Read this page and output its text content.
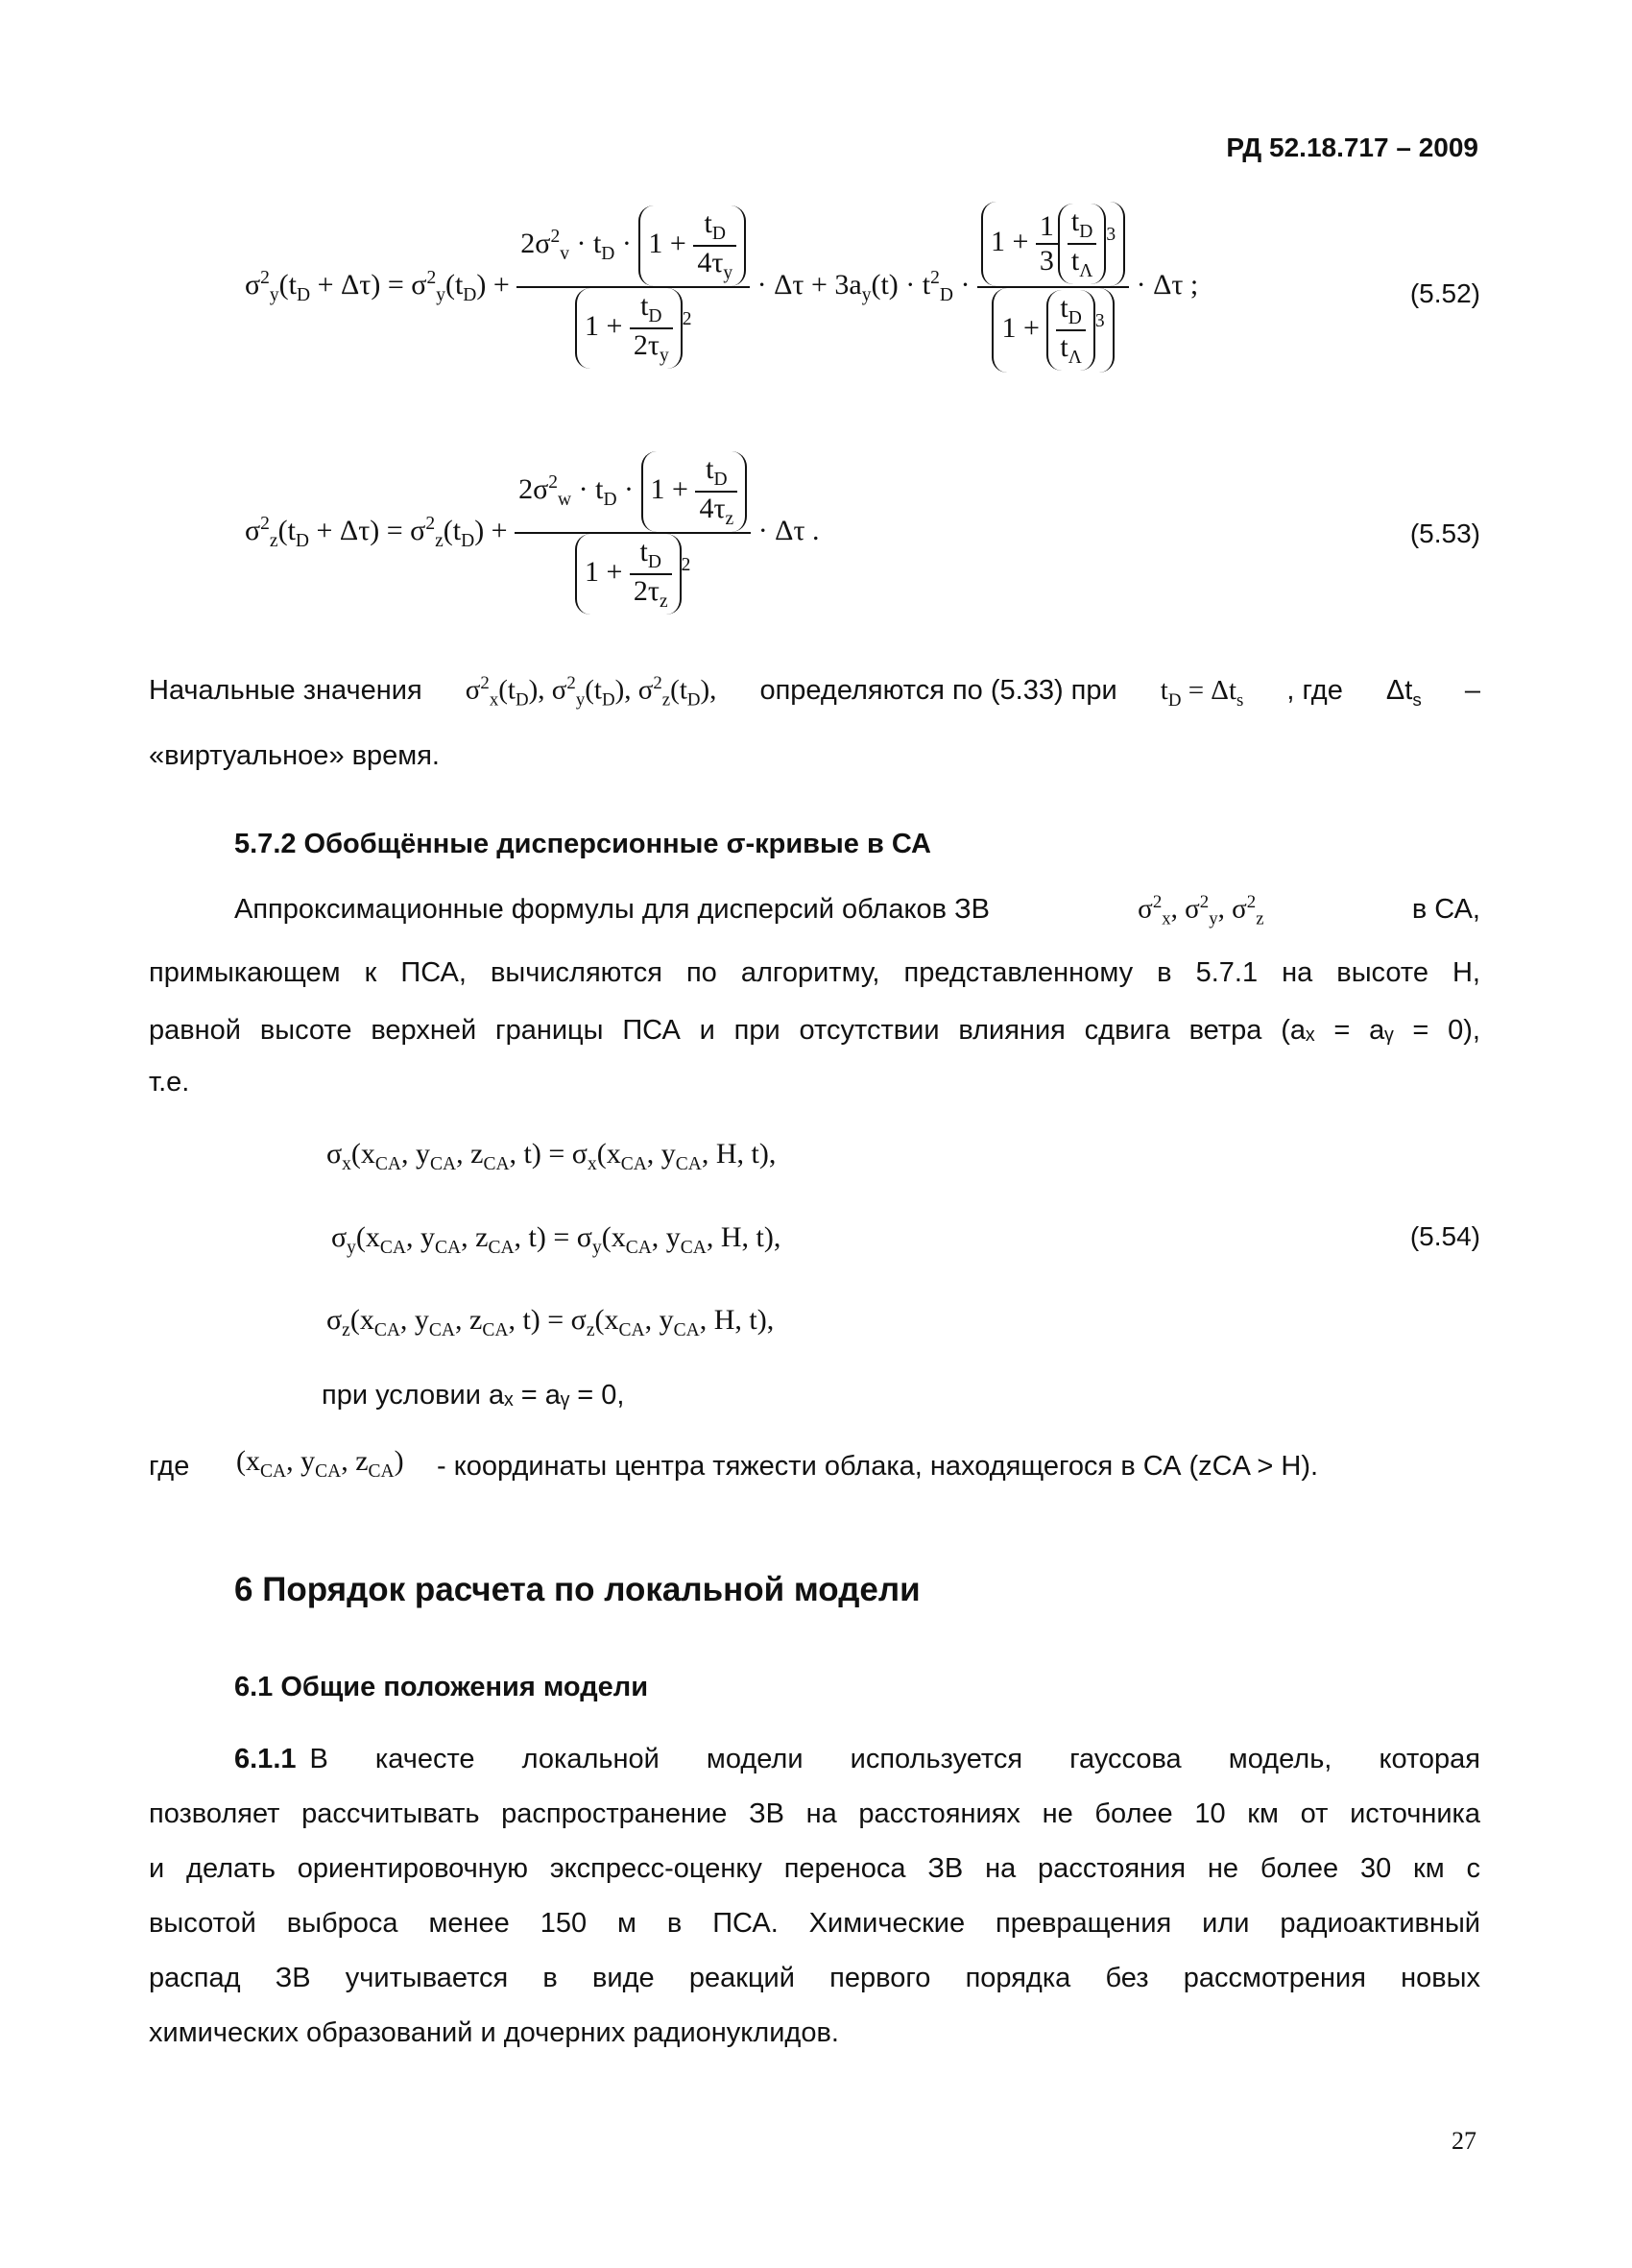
РД 52.18.717 – 2009
$\sigma^2_y(t_D + \Delta\tau) = \sigma^2_y(t_D) + \frac{2\sigma^2_v \cdot t_D \cdot 1 + \frac{t_D}{4\tau_y}}{1 + \frac{t_D}{2\tau_y} ^2} \cdot \Delta\tau + 3a_y(t) \cdot t^2_D \cdot \frac{1 + \frac{1}{3} \frac{t_D}{t_\Lambda} ^3}{1 + \frac{t_D}{t_\Lambda} ^3} \cdot \Delta\tau$ ;	(5.52)
$\sigma^2_z(t_D + \Delta\tau) = \sigma^2_z(t_D) + \frac{2\sigma^2_w \cdot t_D \cdot 1 + \frac{t_D}{4\tau_z}}{1 + \frac{t_D}{2\tau_z} ^2} \cdot \Delta\tau$ .	(5.53)
Начальные значения $\sigma^2_x(t_D)$, $\sigma^2_y(t_D)$, $\sigma^2_z(t_D)$, определяются по (5.33) при $t_D = \Delta t_s$ , где $\Delta t_s$ –
«виртуальное» время.
5.7.2 Обобщённые дисперсионные σ-кривые в СА
Аппроксимационные формулы для дисперсий облаков ЗВ	$\sigma^2_x$, $\sigma^2_y$, $\sigma^2_z$	в СА,
примыкающем к ПСА, вычисляются по алгоритму, представленному в 5.7.1 на высоте Н,
равной высоте верхней границы ПСА и при отсутствии влияния сдвига ветра (aₓ = aᵧ = 0),
т.е.
$\sigma_x(x_{CA}$, $y_{CA}$, $z_{CA}$, $t) = \sigma_x(x_{CA}$, $y_{CA}$, H, t),
$\sigma_y(x_{CA}$, $y_{CA}$, $z_{CA}$, $t) = \sigma_y(x_{CA}$, $y_{CA}$, H, t),
$\sigma_z(x_{CA}$, $y_{CA}$, $z_{CA}$, $t) = \sigma_z(x_{CA}$, $y_{CA}$, H, t),
(5.54)
при условии aₓ = aᵧ = 0,
где ($x_{CA}$, $y_{CA}$, $z_{CA}$) - координаты центра тяжести облака, находящегося в СА (zCA > H).
6 Порядок расчета по локальной модели
6.1 Общие положения модели
6.1.1 В качесте локальной модели используется гауссова модель, которая
позволяет рассчитывать распространение ЗВ на расстояниях не более 10 км от источника
и делать ориентировочную экспресс-оценку переноса ЗВ на расстояния не более 30 км с
высотой выброса менее 150 м в ПСА. Химические превращения или радиоактивный
распад ЗВ учитывается в виде реакций первого порядка без рассмотрения новых
химических образований и дочерних радионуклидов.
27
